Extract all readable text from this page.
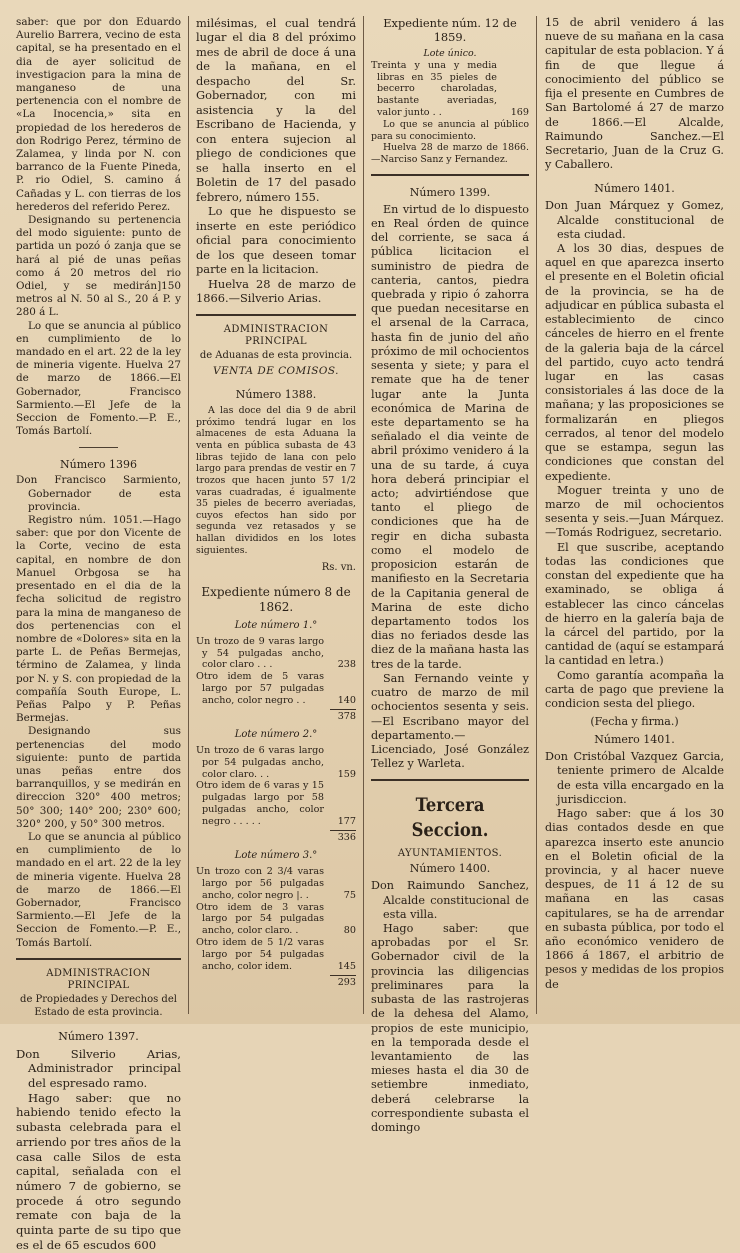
saber: que por don Eduardo Aurelio Barrera, vecino de esta capital, se ha presentado en el dia de ayer solicitud de investigacion para la mina de manganeso de una pertenencia con el nombre de «La Inocencia,» sita en propiedad de los herederos de don Rodrigo Perez, término de Zalamea, y linda por N. con barranco de la Fuente Pineda, P. rio Odiel, S. camino á Cañadas y L. con tierras de los herederos del referido Perez.

Designando su pertenencia del modo siguiente: punto de partida un pozó ó zanja que se hará al pié de unas peñas como á 20 metros del rio Odiel, y se medirán]150 metros al N. 50 al S., 20 á P. y 280 á L.

Lo que se anuncia al público en cumplimiento de lo mandado en el art. 22 de la ley de mineria vigente. Huelva 27 de marzo de 1866.—El Gobernador, Francisco Sarmiento.—El Jefe de la Seccion de Fomento.—P. E., Tomás Bartolí.

Número 1396

Don Francisco Sarmiento, Gobernador de esta provincia.

Registro núm. 1051.—Hago saber: que por don Vicente de la Corte, vecino de esta capital, en nombre de don Manuel Orbgosa se ha presentado en el dia de la fecha solicitud de registro para la mina de manganeso de dos pertenencias con el nombre de «Dolores» sita en la parte L. de Peñas Bermejas, término de Zalamea, y linda por N. y S. con propiedad de la compañía South Europe, L. Peñas Palpo y P. Peñas Bermejas.

Designando sus pertenencias del modo siguiente: punto de partida unas peñas entre dos barranquillos, y se medirán en direccion 320° 400 metros; 50° 300; 140° 200; 230° 600; 320° 200, y 50° 300 metros.

Lo que se anuncia al público en cumplimiento de lo mandado en el art. 22 de la ley de mineria vigente. Huelva 28 de marzo de 1866.—El Gobernador, Francisco Sarmiento.—El Jefe de la Seccion de Fomento.—P. E., Tomás Bartolí.

ADMINISTRACION PRINCIPAL
de Propiedades y Derechos del Estado de esta provincia.
Número 1397.

Don Silverio Arias, Administrador principal del espresado ramo.

Hago saber: que no habiendo tenido efecto la subasta celebrada para el arriendo por tres años de la casa calle Silos de esta capital, señalada con el número 7 de gobierno, se procede á otro segundo remate con baja de la quinta parte de su tipo que es el de 65 escudos 600

milésimas, el cual tendrá lugar el dia 8 del próximo mes de abril de doce á una de la mañana, en el despacho del Sr. Gobernador, con mi asistencia y la del Escribano de Hacienda, y con entera sujecion al pliego de condiciones que se halla inserto en el Boletin de 17 del pasado febrero, número 155.

Lo que he dispuesto se inserte en este periódico oficial para conocimiento de los que deseen tomar parte en la licitacion.

Huelva 28 de marzo de 1866.—Silverio Arias.

ADMINISTRACION PRINCIPAL
de Aduanas de esta provincia.
VENTA DE COMISOS.
Número 1388.

A las doce del dia 9 de abril próximo tendrá lugar en los almacenes de esta Aduana la venta en pública subasta de 43 libras tejido de lana con pelo largo para prendas de vestir en 7 trozos que hacen junto 57 1/2 varas cuadradas, é igualmente 35 pieles de becerro averiadas, cuyos efectos han sido por segunda vez retasados y se hallan divididos en los lotes siguientes.

Rs. vn.
Expediente número 8 de 1862.
Lote número 1.°
Un trozo de 9 varas largo y 54 pulgadas ancho, color claro . . .	238
Otro idem de 5 varas largo por 57 pulgadas ancho, color negro . .	140
378
Lote número 2.°
Un trozo de 6 varas largo por 54 pulgadas ancho, color claro. . .	159
Otro idem de 6 varas y 15 pulgadas largo por 58 pulgadas ancho, color negro . . . . .	177
336
Lote número 3.°
Un trozo con 2 3/4 varas largo por 56 pulgadas ancho, color negro |. .	75
Otro idem de 3 varas largo por 54 pulgadas ancho, color claro. .	80
Otro idem de 5 1/2 varas largo por 54 pulgadas ancho, color idem.	145
293
Expediente núm. 12 de 1859.
Lote único.
Treinta y una y media libras en 35 pieles de becerro charoladas, bastante averiadas, valor junto . .	169

Lo que se anuncia al público para su conocimiento.

Huelva 28 de marzo de 1866. —Narciso Sanz y Fernandez.

Número 1399.

En virtud de lo dispuesto en Real órden de quince del corriente, se saca á pública licitacion el suministro de piedra de canteria, cantos, piedra quebrada y ripio ó zahorra que puedan necesitarse en el arsenal de la Carraca, hasta fin de junio del año próximo de mil ochocientos sesenta y siete; y para el remate que ha de tener lugar ante la Junta económica de Marina de este departamento se ha señalado el dia veinte de abril próximo venidero á la una de su tarde, á cuya hora deberá principiar el acto; advirtiéndose que tanto el pliego de condiciones que ha de regir en dicha subasta como el modelo de proposicion estarán de manifiesto en la Secretaria de la Capitania general de Marina de este dicho departamento todos los dias no feriados desde las diez de la mañana hasta las tres de la tarde.

San Fernando veinte y cuatro de marzo de mil ochocientos sesenta y seis.—El Escribano mayor del departamento.—Licenciado, José González Tellez y Warleta.

Tercera Seccion.
AYUNTAMIENTOS.
Número 1400.

Don Raimundo Sanchez, Alcalde constitucional de esta villa.

Hago saber: que aprobadas por el Sr. Gobernador civil de la provincia las diligencias preliminares para la subasta de las rastrojeras de la dehesa del Alamo, propios de este municipio, en la temporada desde el levantamiento de las mieses hasta el dia 30 de setiembre inmediato, deberá celebrarse la correspondiente subasta el domingo

15 de abril venidero á las nueve de su mañana en la casa capitular de esta poblacion. Y á fin de que llegue á conocimiento del público se fija el presente en Cumbres de San Bartolomé á 27 de marzo de 1866.—El Alcalde, Raimundo Sanchez.—El Secretario, Juan de la Cruz G. y Caballero.

Número 1401.

Don Juan Márquez y Gomez, Alcalde constitucional de esta ciudad.

A los 30 dias, despues de aquel en que aparezca inserto el presente en el Boletin oficial de la provincia, se ha de adjudicar en pública subasta el establecimiento de cinco cánceles de hierro en el frente de la galeria baja de la cárcel del partido, cuyo acto tendrá lugar en las casas consistoriales á las doce de la mañana; y las proposiciones se formalizarán en pliegos cerrados, al tenor del modelo que se estampa, segun las condiciones que constan del expediente.

Moguer treinta y uno de marzo de mil ochocientos sesenta y seis.—Juan Márquez. —Tomás Rodriguez, secretario.

El que suscribe, aceptando todas las condiciones que constan del expediente que ha examinado, se obliga á establecer las cinco cáncelas de hierro en la galería baja de la cárcel del partido, por la cantidad de (aquí se estampará la cantidad en letra.)

Como garantía acompaña la carta de pago que previene la condicion sesta del pliego.

(Fecha y firma.)
Número 1401.

Don Cristóbal Vazquez Garcia, teniente primero de Alcalde de esta villa encargado en la jurisdiccion.

Hago saber: que á los 30 dias contados desde en que aparezca inserto este anuncio en el Boletin oficial de la provincia, y al hacer nueve despues, de 11 á 12 de su mañana en las casas capitulares, se ha de arrendar en subasta pública, por todo el año económico venidero de 1866 á 1867, el arbitrio de pesos y medidas de los propios de
